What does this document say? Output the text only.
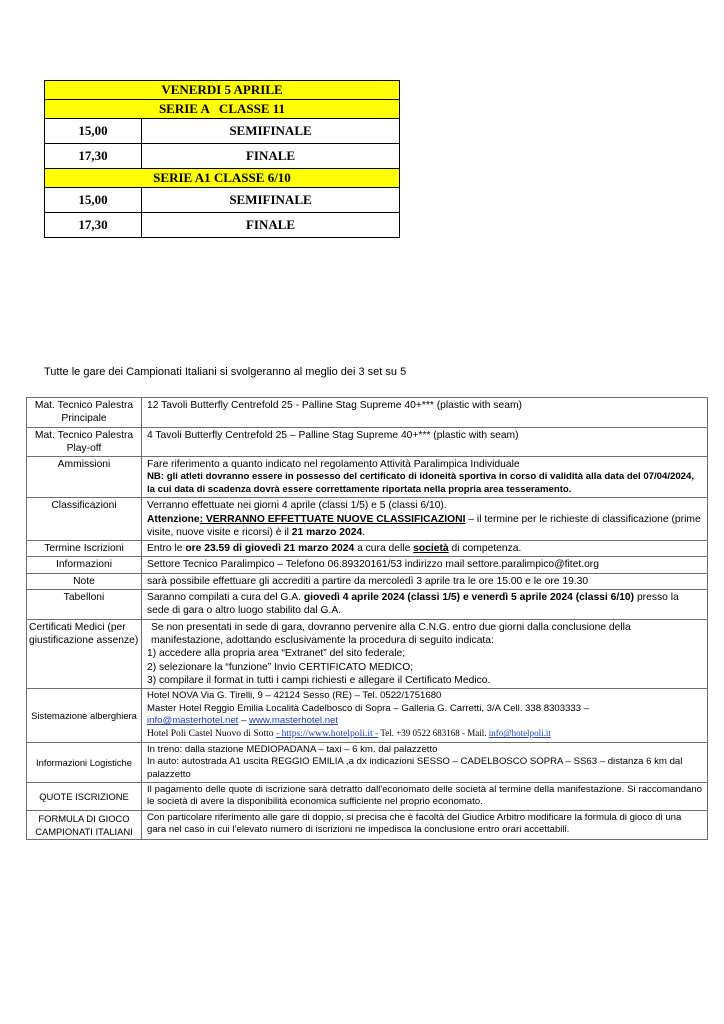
VENERDI 5 APRILE	
SERIE A   CLASSE 11	
15,00	SEMIFINALE
17,30	FINALE
SERIE A1 CLASSE 6/10	
15,00	SEMIFINALE
17,30	FINALE
Tutte le gare dei Campionati Italiani si svolgeranno al meglio dei 3 set su 5
Mat. Tecnico Palestra Principale	12 Tavoli Butterfly Centrefold 25 - Palline Stag Supreme 40+*** (plastic with seam)
Mat. Tecnico Palestra Play-off	4 Tavoli Butterfly Centrefold 25 – Palline Stag Supreme 40+*** (plastic with seam)
Ammissioni	Fare riferimento a quanto indicato nel regolamento Attività Paralimpica Individuale
NB: gli atleti dovranno essere in possesso del certificato di idoneità sportiva in corso di validità alla data del 07/04/2024, la cui data di scadenza dovrà essere correttamente riportata nella propria area tesseramento.

Classificazioni	Verranno effettuate nei giorni 4 aprile (classi 1/5) e 5 (classi 6/10).
Attenzione: VERRANNO EFFETTUATE NUOVE CLASSIFICAZIONI – il termine per le richieste di classificazione (prime visite, nuove visite e ricorsi) è il 21 marzo 2024.

Termine Iscrizioni	Entro le ore 23.59 di giovedì 21 marzo 2024 a cura delle società di competenza.
Informazioni	Settore Tecnico Paralimpico – Telefono 06.89320161/53 indirizzo mail settore.paralimpico@fitet.org
Note	sarà possibile effettuare gli accrediti a partire da mercoledì 3 aprile tra le ore 15.00 e le ore 19.30
Tabelloni	Saranno compilati a cura del G.A. giovedì 4 aprile 2024 (classi 1/5) e venerdì 5 aprile 2024 (classi 6/10) presso la sede di gara o altro luogo stabilito dal G.A.
Certificati Medici (per giustificazione assenze)	Se non presentati in sede di gara, dovranno pervenire alla C.N.G. entro due giorni dalla conclusione della manifestazione, adottando esclusivamente la procedura di seguito indicata:
1) accedere alla propria area “Extranet” del sito federale;
2) selezionare la “funzione” Invio CERTIFICATO MEDICO;
3) compilare il format in tutti i campi richiesti e allegare il Certificato Medico.

Sistemazione alberghiera	Hotel NOVA Via G. Tirelli, 9 – 42124 Sesso (RE) – Tel. 0522/1751680
Master Hotel Reggio Emilia Località Cadelbosco di Sopra – Galleria G. Carretti, 3/A Cell. 338 8303333 –
info@masterhotel.net – www.masterhotel.net
Hotel Poli Castel Nuovo di Sotto - https://www.hotelpoli.it - Tel. +39 0522 683168 - Mail. info@hotelpoli.it

Informazioni Logistiche	In treno: dalla stazione MEDIOPADANA – taxi – 6 km. dal palazzetto
In auto: autostrada A1 uscita REGGIO EMILIA ,a dx indicazioni SESSO – CADELBOSCO SOPRA – SS63 – distanza 6 km dal palazzetto

QUOTE ISCRIZIONE	Il pagamento delle quote di iscrizione sarà detratto dall'economato delle società al termine della manifestazione. Si raccomandano le società di avere la disponibilità economica sufficiente nel proprio economato.
FORMULA DI GIOCO CAMPIONATI ITALIANI	Con particolare riferimento alle gare di doppio, si precisa che è facoltà del Giudice Arbitro modificare la formula di gioco di una gara nel caso in cui l’elevato numero di iscrizioni ne impedisca la conclusione entro orari accettabili.
